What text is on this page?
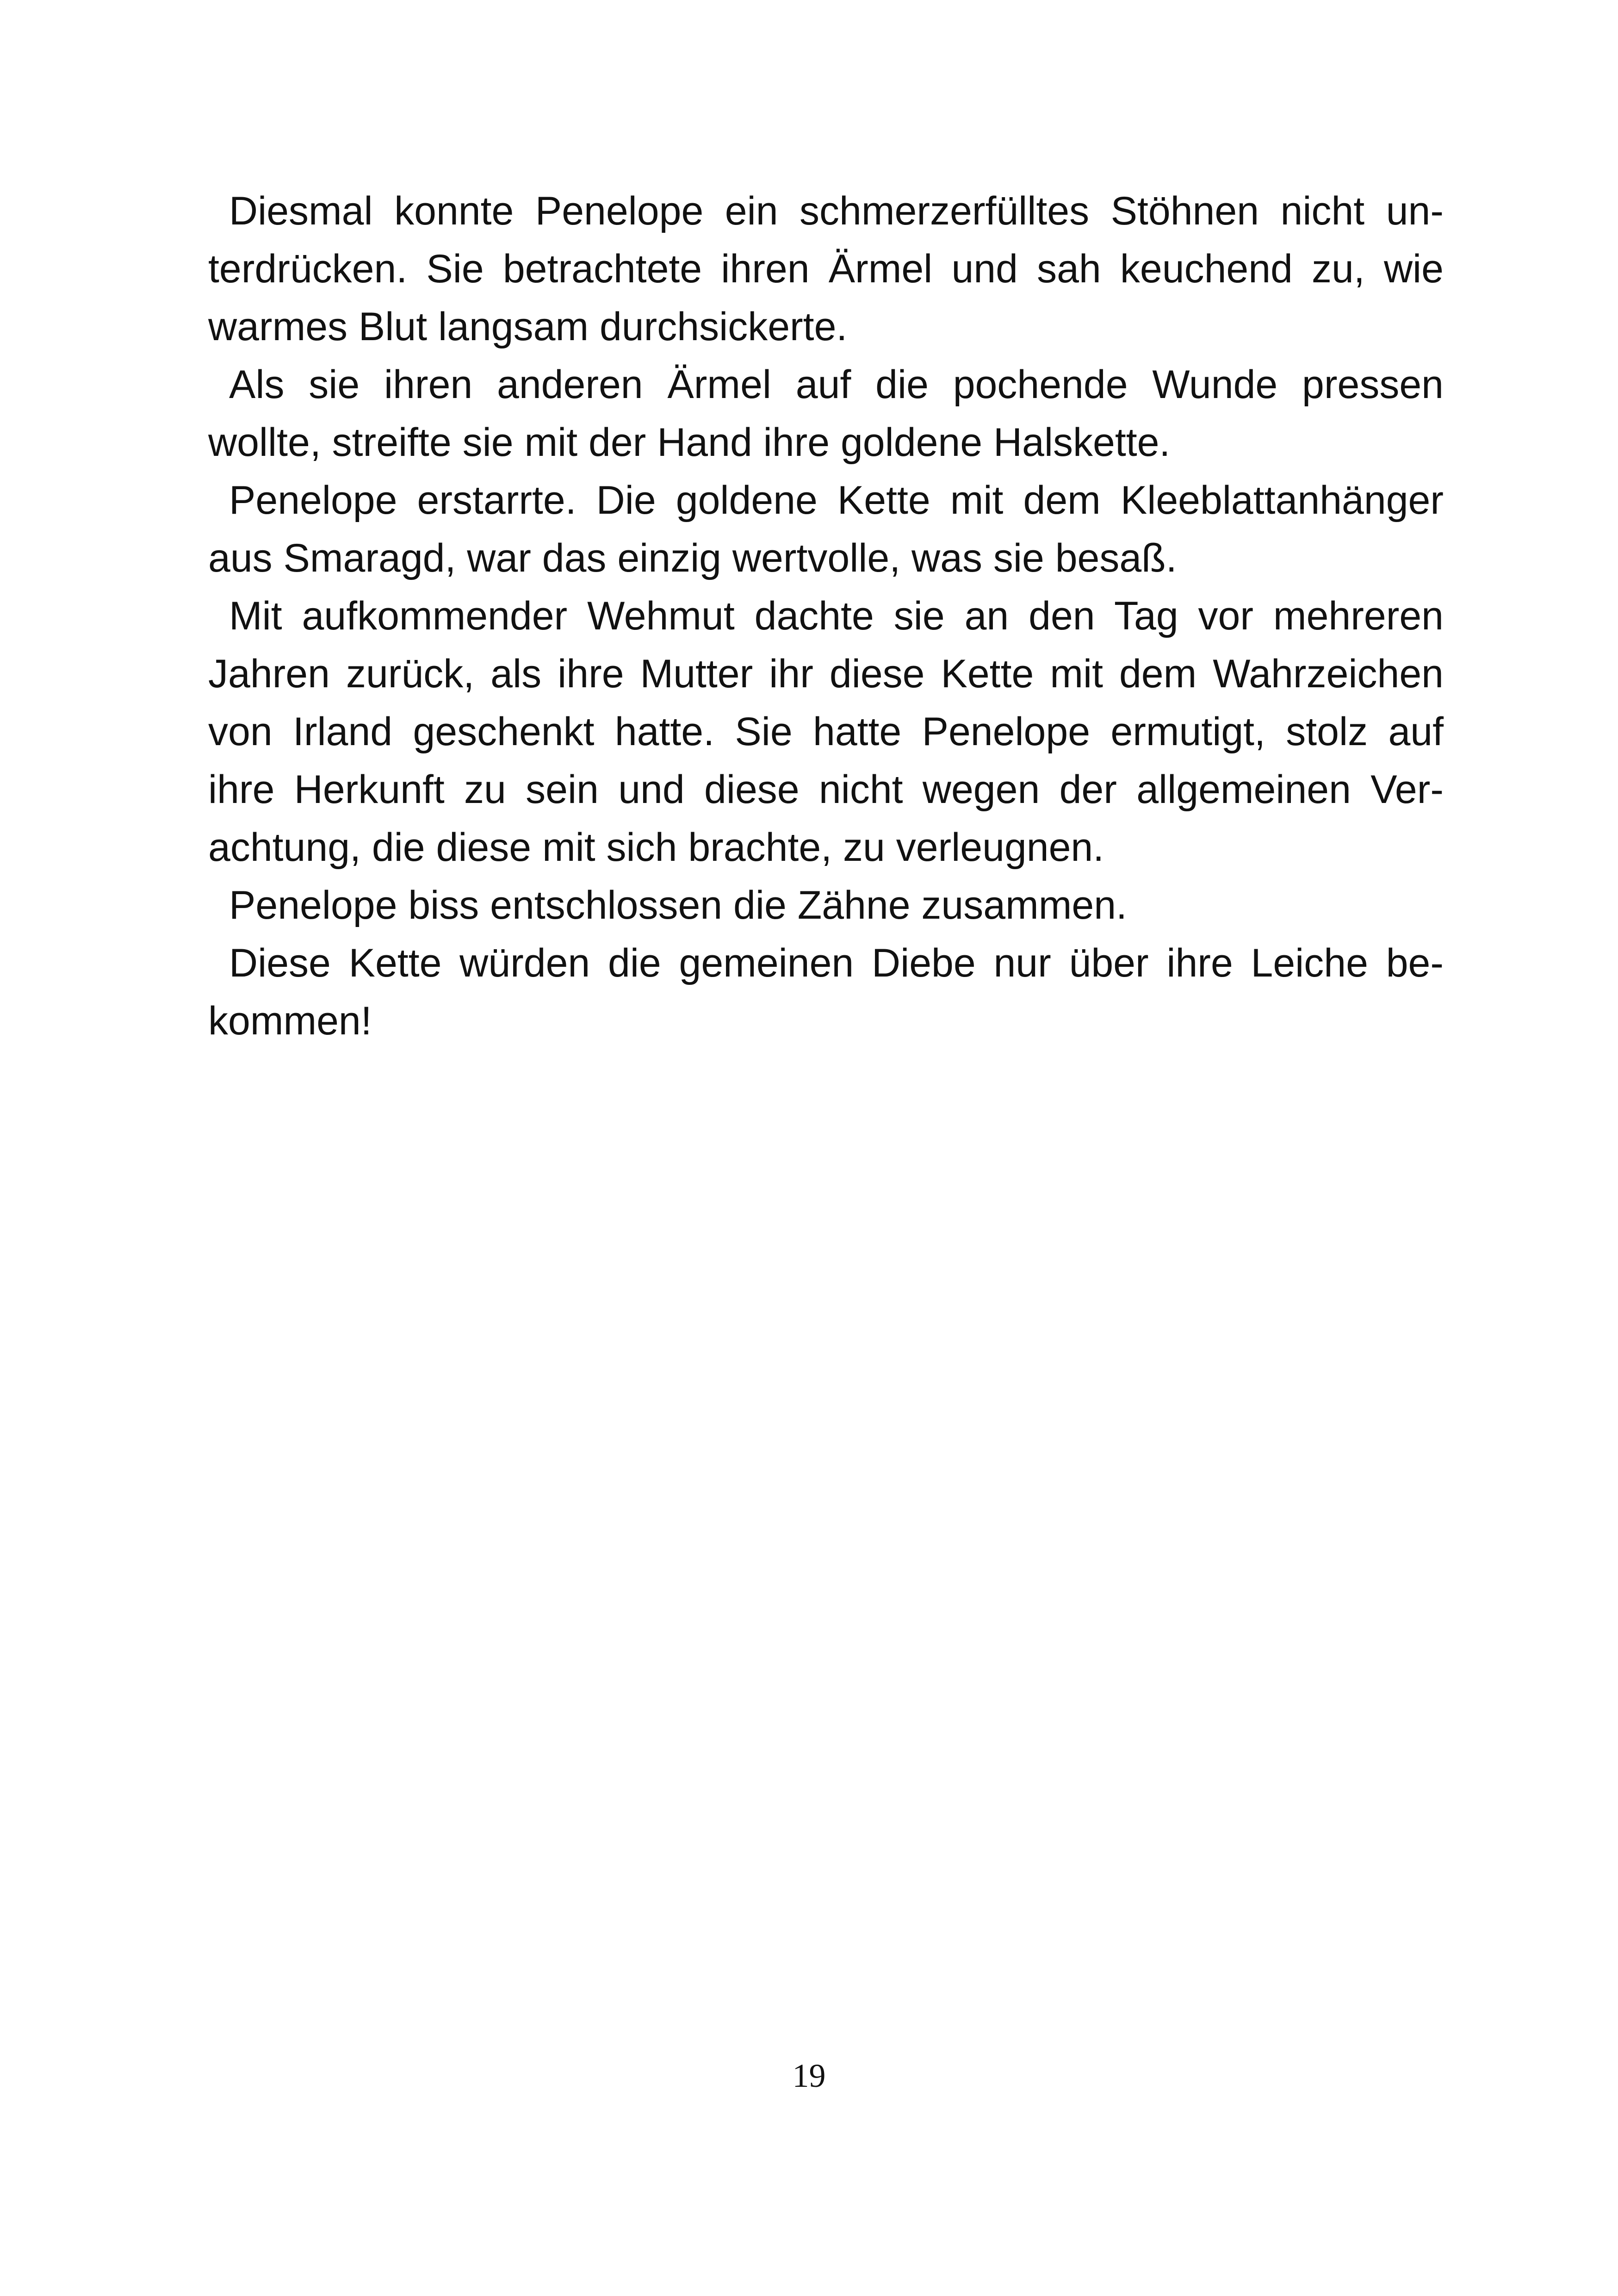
Diesmal konnte Penelope ein schmerzerfülltes Stöhnen nicht un-
terdrücken. Sie betrachtete ihren Ärmel und sah keuchend zu, wie
warmes Blut langsam durchsickerte.
Als sie ihren anderen Ärmel auf die pochende Wunde pressen
wollte, streifte sie mit der Hand ihre goldene Halskette.
Penelope erstarrte. Die goldene Kette mit dem Kleeblattanhänger
aus Smaragd, war das einzig wertvolle, was sie besaß.
Mit aufkommender Wehmut dachte sie an den Tag vor mehreren
Jahren zurück, als ihre Mutter ihr diese Kette mit dem Wahrzeichen
von Irland geschenkt hatte. Sie hatte Penelope ermutigt, stolz auf
ihre Herkunft zu sein und diese nicht wegen der allgemeinen Ver-
achtung, die diese mit sich brachte, zu verleugnen.
Penelope biss entschlossen die Zähne zusammen.
Diese Kette würden die gemeinen Diebe nur über ihre Leiche be-
kommen!
19
